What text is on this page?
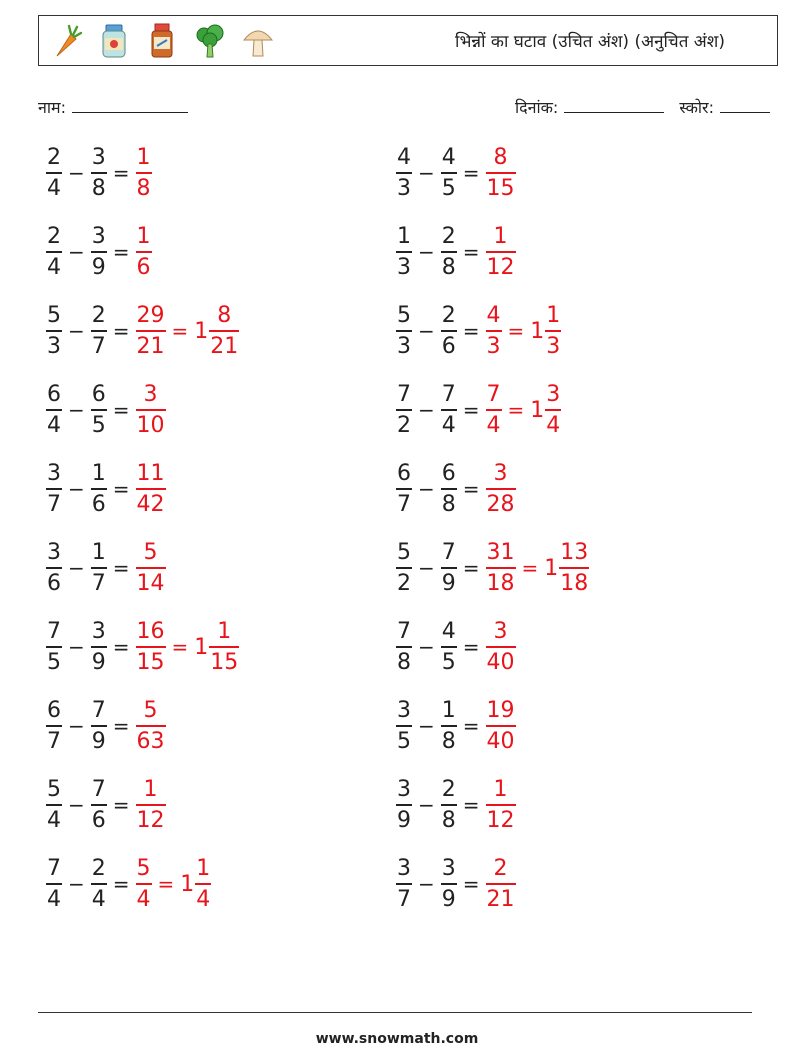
भिन्नों का घटाव (उचित अंश) (अनुचित अंश)
नाम:	दिनांक:	स्कोर:
$\frac{2}{4} - \frac{3}{8} = \frac{1}{8}$	$\frac{4}{3} - \frac{4}{5} = \frac{8}{15}$
$\frac{2}{4} - \frac{3}{9} = \frac{1}{6}$	$\frac{1}{3} - \frac{2}{8} = \frac{1}{12}$
$\frac{5}{3} - \frac{2}{7} = \frac{29}{21} = 1 \frac{8}{21}$	$\frac{5}{3} - \frac{2}{6} = \frac{4}{3} = 1 \frac{1}{3}$
$\frac{6}{4} - \frac{6}{5} = \frac{3}{10}$	$\frac{7}{2} - \frac{7}{4} = \frac{7}{4} = 1 \frac{3}{4}$
$\frac{3}{7} - \frac{1}{6} = \frac{11}{42}$	$\frac{6}{7} - \frac{6}{8} = \frac{3}{28}$
$\frac{3}{6} - \frac{1}{7} = \frac{5}{14}$	$\frac{5}{2} - \frac{7}{9} = \frac{31}{18} = 1 \frac{13}{18}$
$\frac{7}{5} - \frac{3}{9} = \frac{16}{15} = 1 \frac{1}{15}$	$\frac{7}{8} - \frac{4}{5} = \frac{3}{40}$
$\frac{6}{7} - \frac{7}{9} = \frac{5}{63}$	$\frac{3}{5} - \frac{1}{8} = \frac{19}{40}$
$\frac{5}{4} - \frac{7}{6} = \frac{1}{12}$	$\frac{3}{9} - \frac{2}{8} = \frac{1}{12}$
$\frac{7}{4} - \frac{2}{4} = \frac{5}{4} = 1 \frac{1}{4}$	$\frac{3}{7} - \frac{3}{9} = \frac{2}{21}$
www.snowmath.com
